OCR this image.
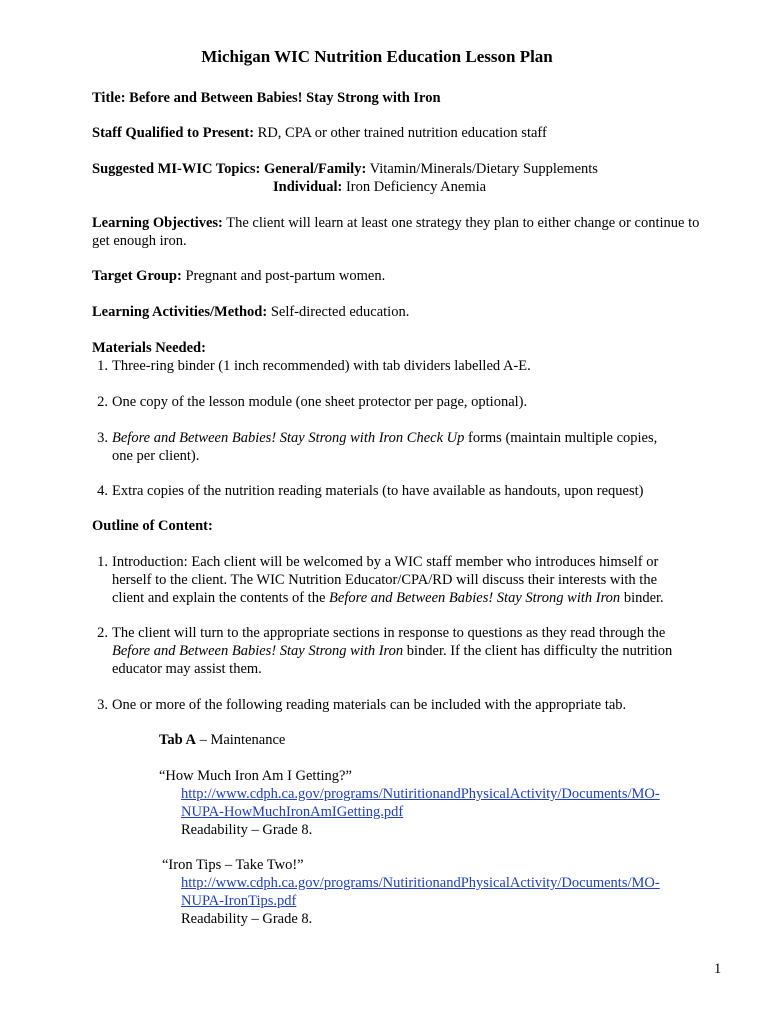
Michigan WIC Nutrition Education Lesson Plan
Title: Before and Between Babies! Stay Strong with Iron
Staff Qualified to Present: RD, CPA or other trained nutrition education staff
Suggested MI-WIC Topics: General/Family: Vitamin/Minerals/Dietary Supplements
Individual: Iron Deficiency Anemia
Learning Objectives: The client will learn at least one strategy they plan to either change or continue to
get enough iron.
Target Group: Pregnant and post-partum women.
Learning Activities/Method: Self-directed education.
Materials Needed:
1. Three-ring binder (1 inch recommended) with tab dividers labelled A-E.
2. One copy of the lesson module (one sheet protector per page, optional).
3. Before and Between Babies! Stay Strong with Iron Check Up forms (maintain multiple copies,
one per client).
4. Extra copies of the nutrition reading materials (to have available as handouts, upon request)
Outline of Content:
1. Introduction: Each client will be welcomed by a WIC staff member who introduces himself or
herself to the client. The WIC Nutrition Educator/CPA/RD will discuss their interests with the
client and explain the contents of the Before and Between Babies! Stay Strong with Iron binder.
2. The client will turn to the appropriate sections in response to questions as they read through the
Before and Between Babies! Stay Strong with Iron binder. If the client has difficulty the nutrition
educator may assist them.
3. One or more of the following reading materials can be included with the appropriate tab.
Tab A – Maintenance
“How Much Iron Am I Getting?”
http://www.cdph.ca.gov/programs/NutiritionandPhysicalActivity/Documents/MO-
NUPA-HowMuchIronAmIGetting.pdf
Readability – Grade 8.
“Iron Tips – Take Two!”
http://www.cdph.ca.gov/programs/NutiritionandPhysicalActivity/Documents/MO-
NUPA-IronTips.pdf
Readability – Grade 8.
1
